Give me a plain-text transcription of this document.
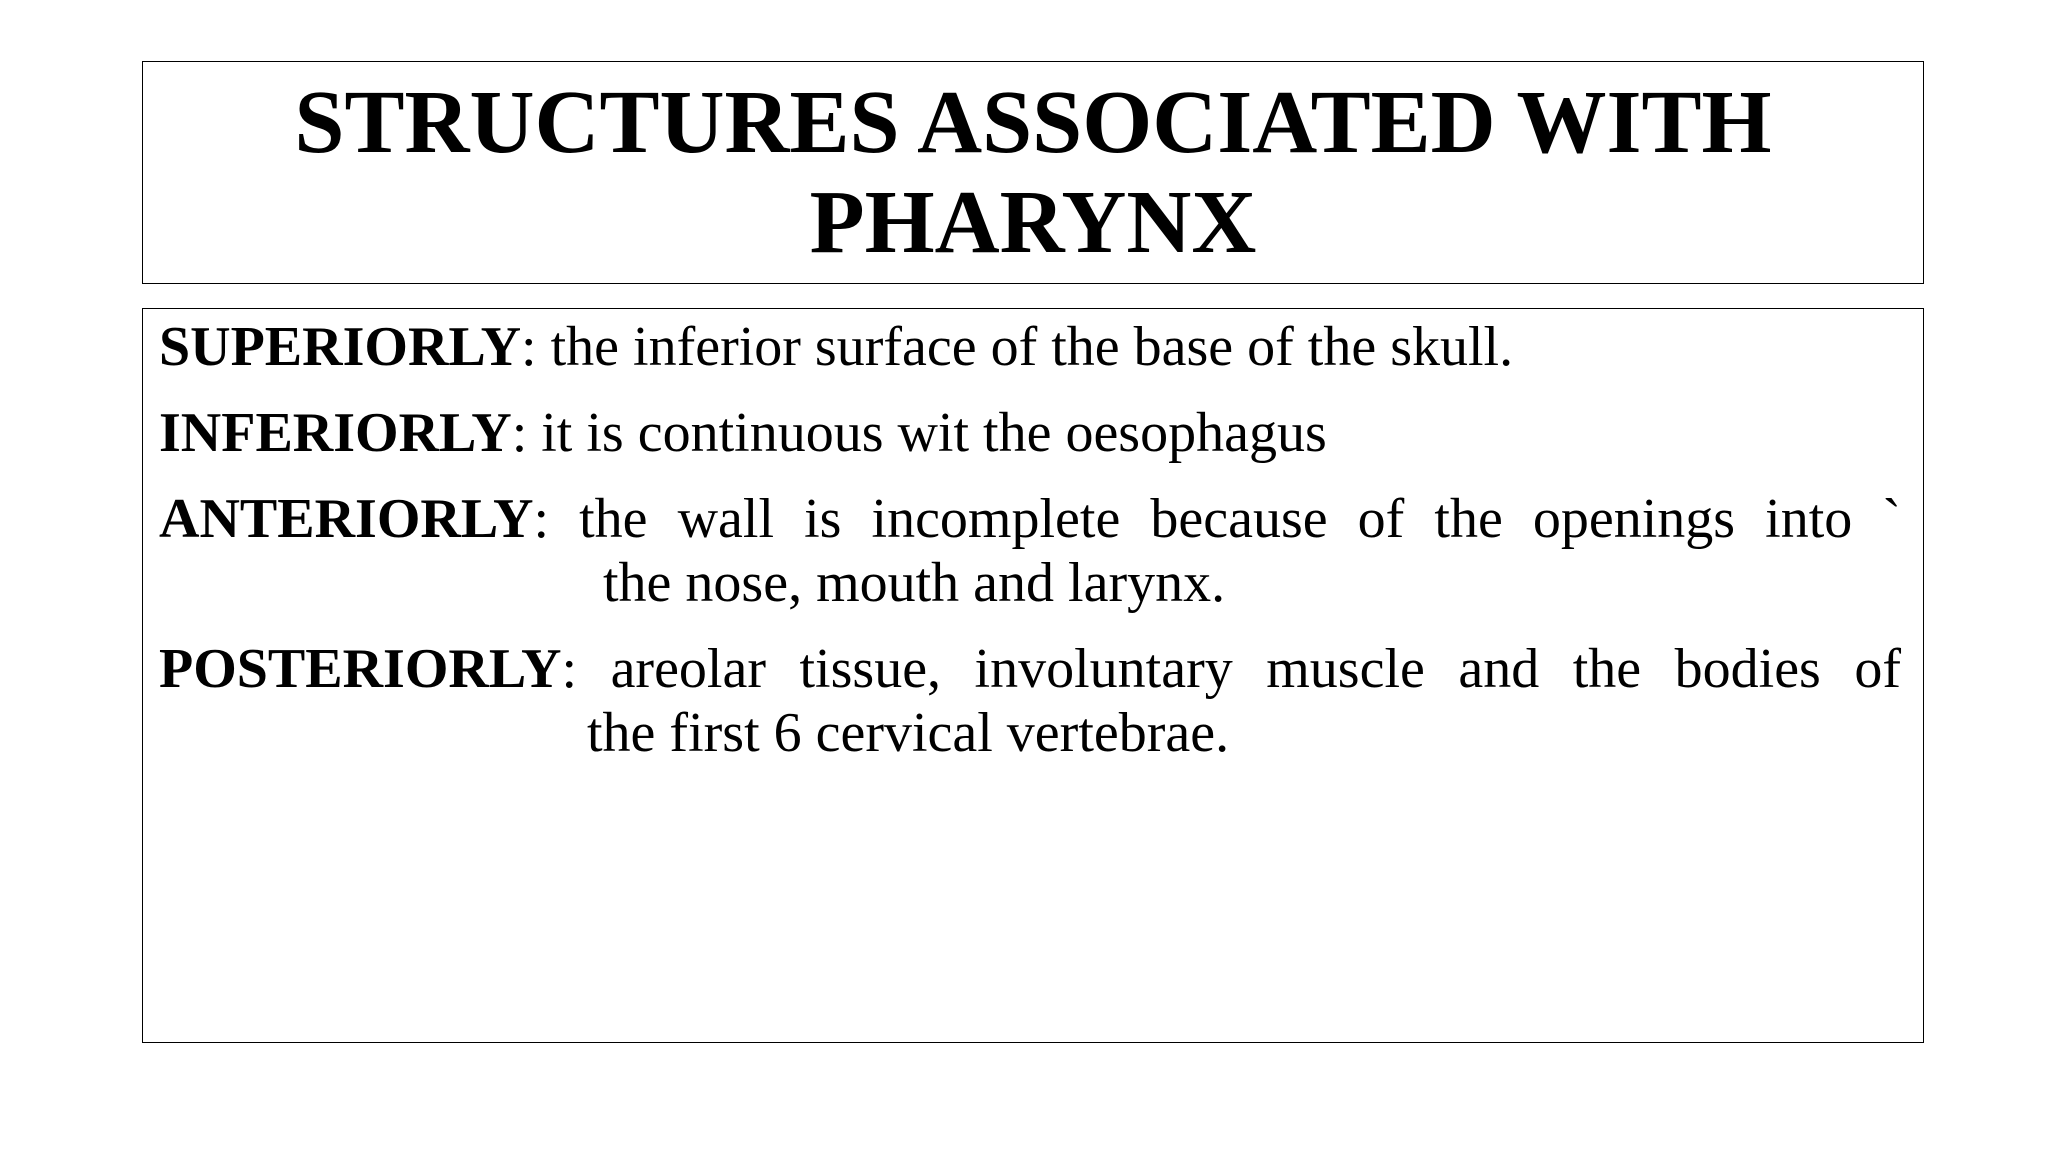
STRUCTURES ASSOCIATED WITH
PHARYNX

SUPERIORLY: the inferior surface of the base of the skull.

INFERIORLY: it is continuous wit the oesophagus

ANTERIORLY: the wall is incomplete because of the openings into `
the nose, mouth and larynx.
POSTERIORLY: areolar tissue, involuntary muscle and the bodies of
the first 6 cervical vertebrae.
